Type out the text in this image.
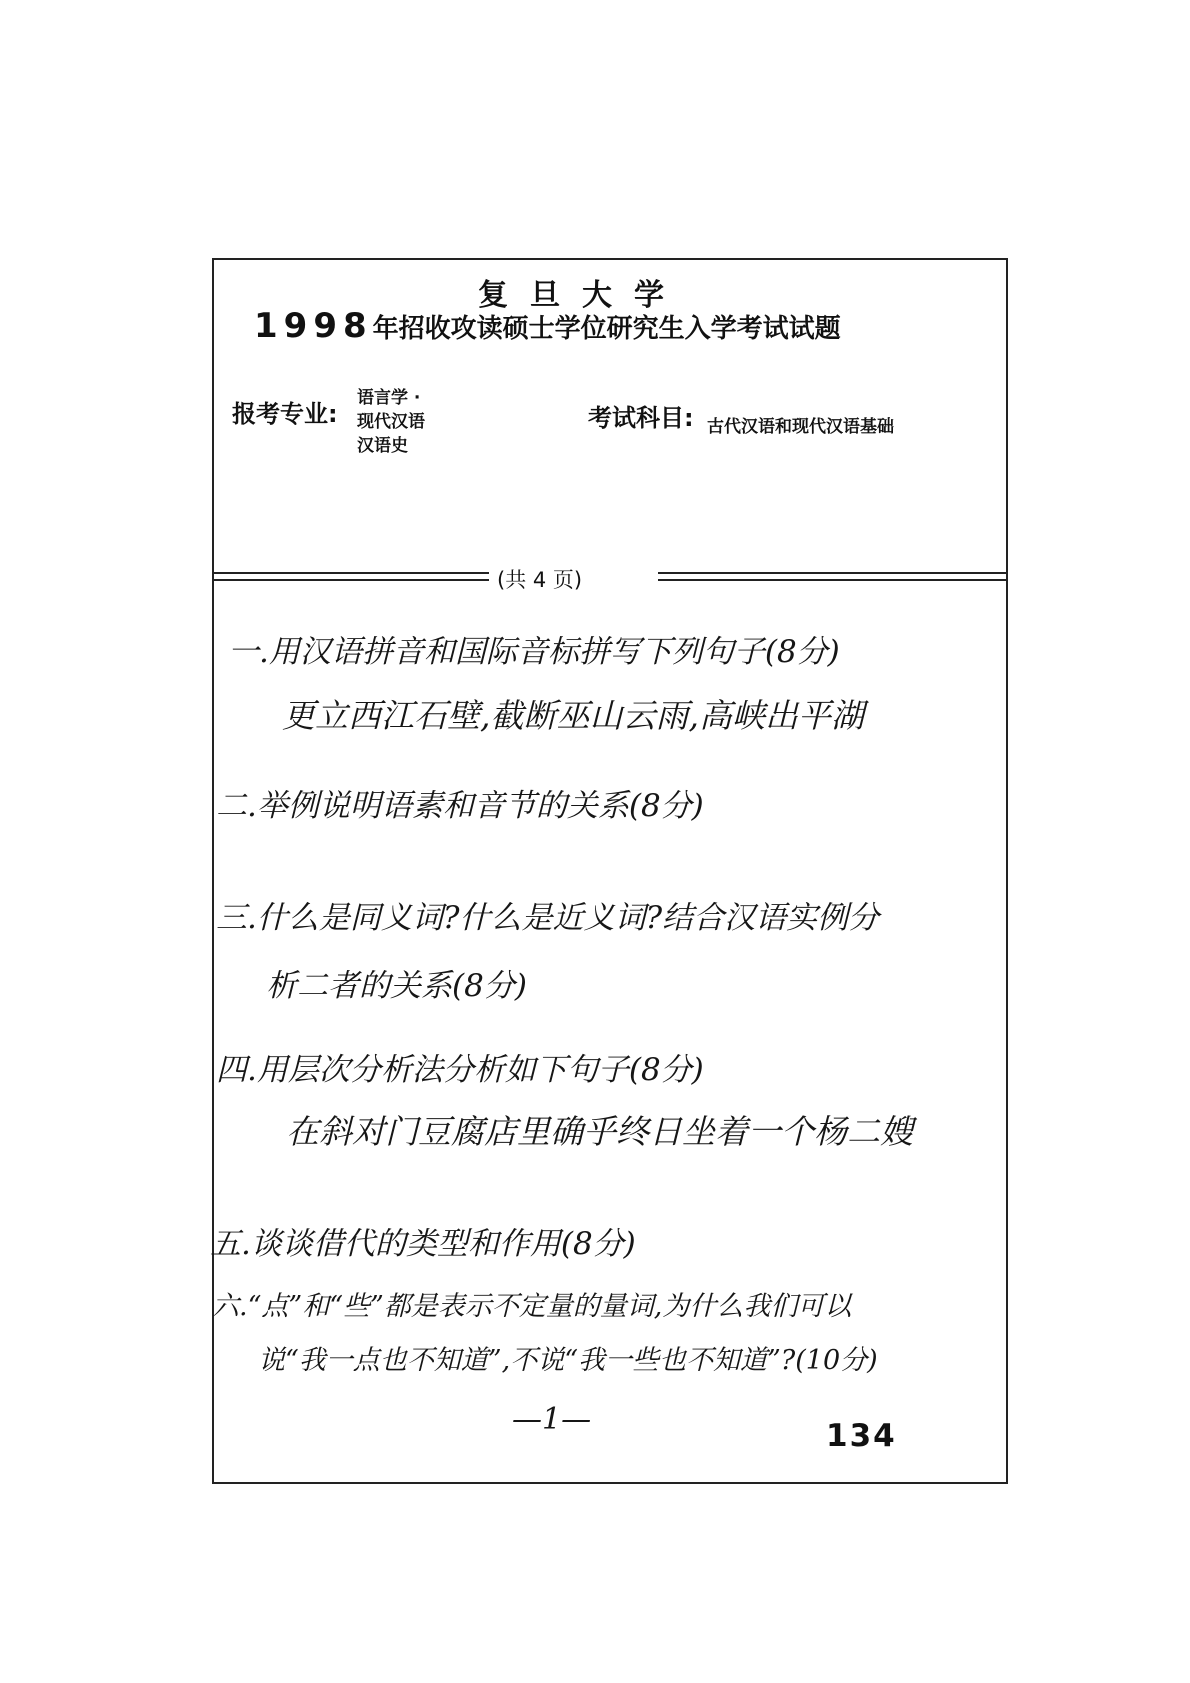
复旦大学
1998年招收攻读硕士学位研究生入学考试试题
报考专业:
语言学 ·
现代汉语
汉语史
考试科目: 古代汉语和现代汉语基础
(共 4 页)
一.用汉语拼音和国际音标拼写下列句子(8分)
更立西江石壁,截断巫山云雨,高峡出平湖
二.举例说明语素和音节的关系(8分)
三.什么是同义词?什么是近义词?结合汉语实例分
析二者的关系(8分)
四.用层次分析法分析如下句子(8分)
在斜对门豆腐店里确乎终日坐着一个杨二嫂
五.谈谈借代的类型和作用(8分)
六.“点”和“些”都是表示不定量的量词,为什么我们可以
说“我一点也不知道”,不说“我一些也不知道”?(10分)
—1—	134
